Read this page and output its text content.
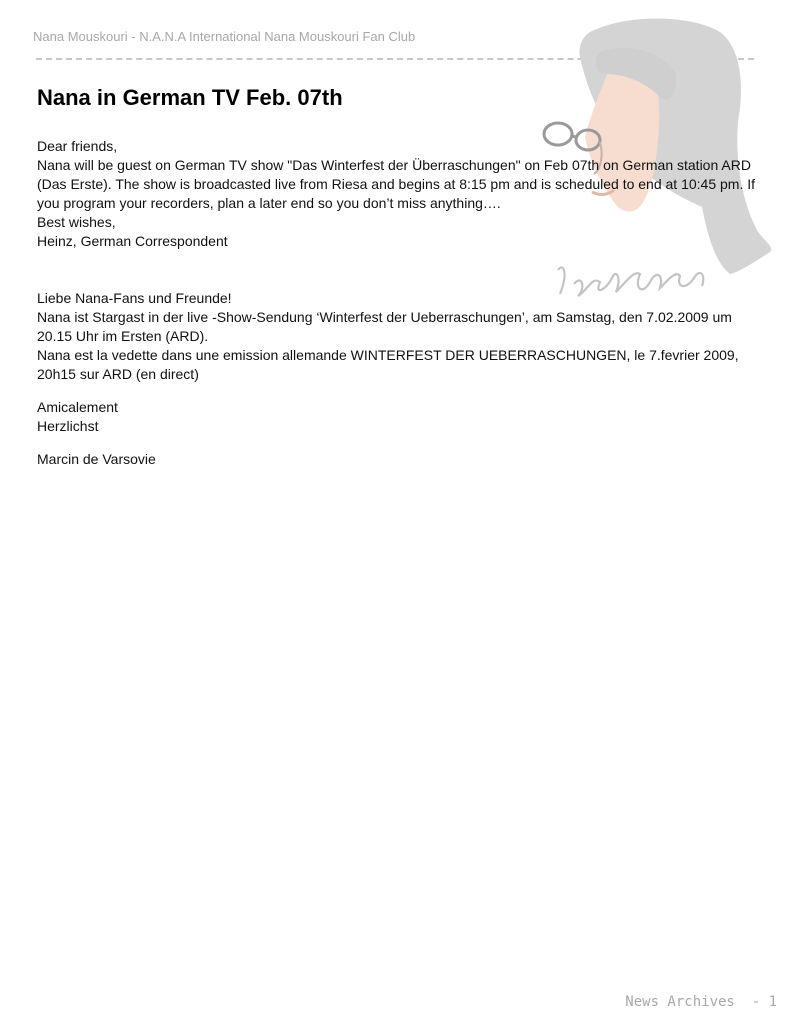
Nana Mouskouri - N.A.N.A International Nana Mouskouri Fan Club
Nana in German TV Feb. 07th

Dear friends,

Nana will be guest on German TV show "Das Winterfest der Überraschungen" on Feb 07th on German station ARD (Das Erste). The show is broadcasted live from Riesa and begins at 8:15 pm and is scheduled to end at 10:45 pm. If you program your recorders, plan a later end so you don’t miss anything….

Best wishes,

Heinz, German Correspondent

Liebe Nana-Fans und Freunde!

Nana ist Stargast in der live -Show-Sendung ‘Winterfest der Ueberraschungen’, am Samstag, den 7.02.2009 um 20.15 Uhr im Ersten (ARD).

Nana est la vedette dans une emission allemande WINTERFEST DER UEBERRASCHUNGEN, le 7.fevrier 2009, 20h15 sur ARD (en direct)

Amicalement

Herzlichst

Marcin de Varsovie

News Archives  - 1
